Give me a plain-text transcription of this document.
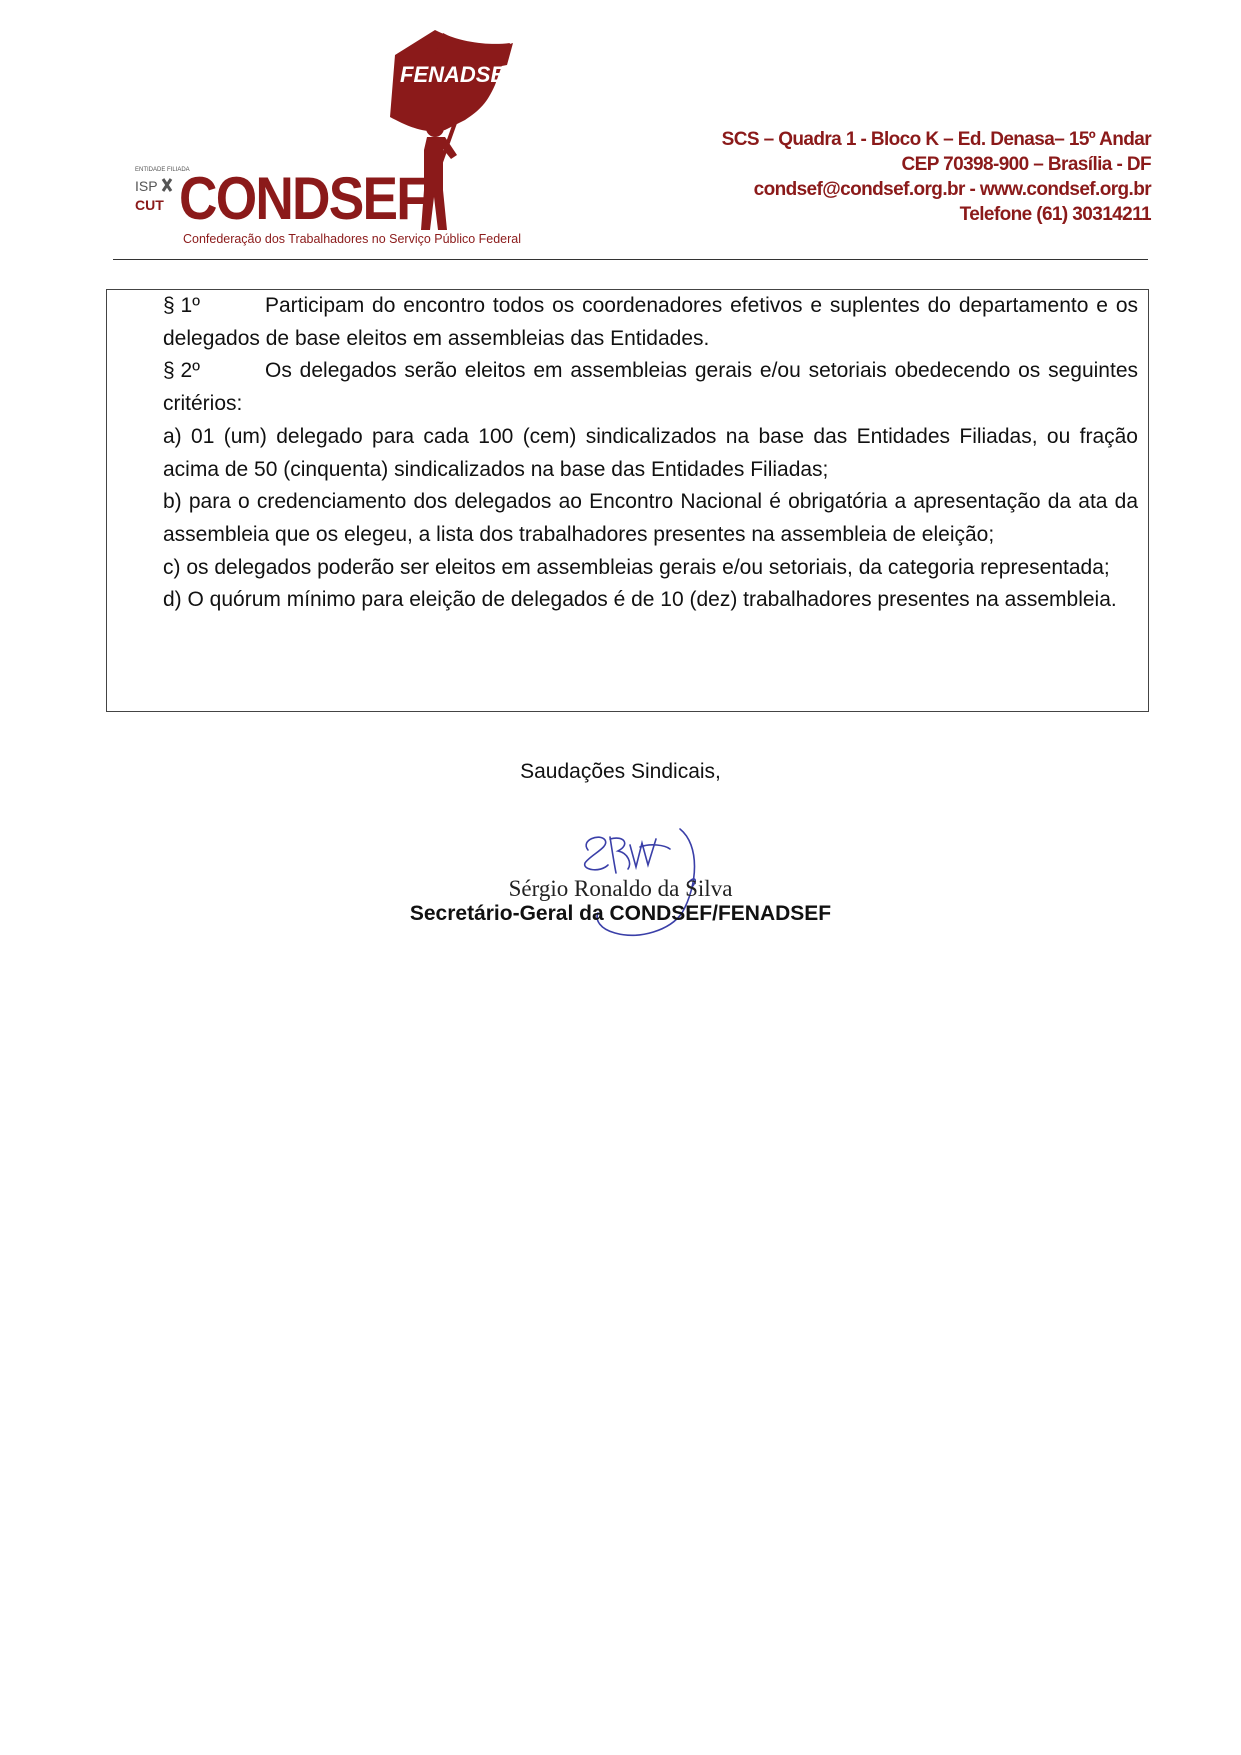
FENADSEF
ENTIDADE FILIADA
ISP
CUT CONDSEF
Confederação dos Trabalhadores no Serviço Público Federal
SCS – Quadra 1 - Bloco K – Ed. Denasa– 15º Andar
CEP 70398-900 – Brasília - DF
condsef@condsef.org.br - www.condsef.org.br
Telefone (61) 30314211

§ 1º	Participam do encontro todos os coordenadores efetivos e suplentes do departamento e os delegados de base eleitos em assembleias das Entidades.

§ 2º	Os delegados serão eleitos em assembleias gerais e/ou setoriais obedecendo os seguintes critérios:

a) 01 (um) delegado para cada 100 (cem) sindicalizados na base das Entidades Filiadas, ou fração acima de 50 (cinquenta) sindicalizados na base das Entidades Filiadas;

b) para o credenciamento dos delegados ao Encontro Nacional é obrigatória a apresentação da ata da assembleia que os elegeu, a lista dos trabalhadores presentes na assembleia de eleição;

c) os delegados poderão ser eleitos em assembleias gerais e/ou setoriais, da categoria representada;

d) O quórum mínimo para eleição de delegados é de 10 (dez) trabalhadores presentes na assembleia.

Saudações Sindicais,
Sérgio Ronaldo da Silva
Secretário-Geral da CONDSEF/FENADSEF
